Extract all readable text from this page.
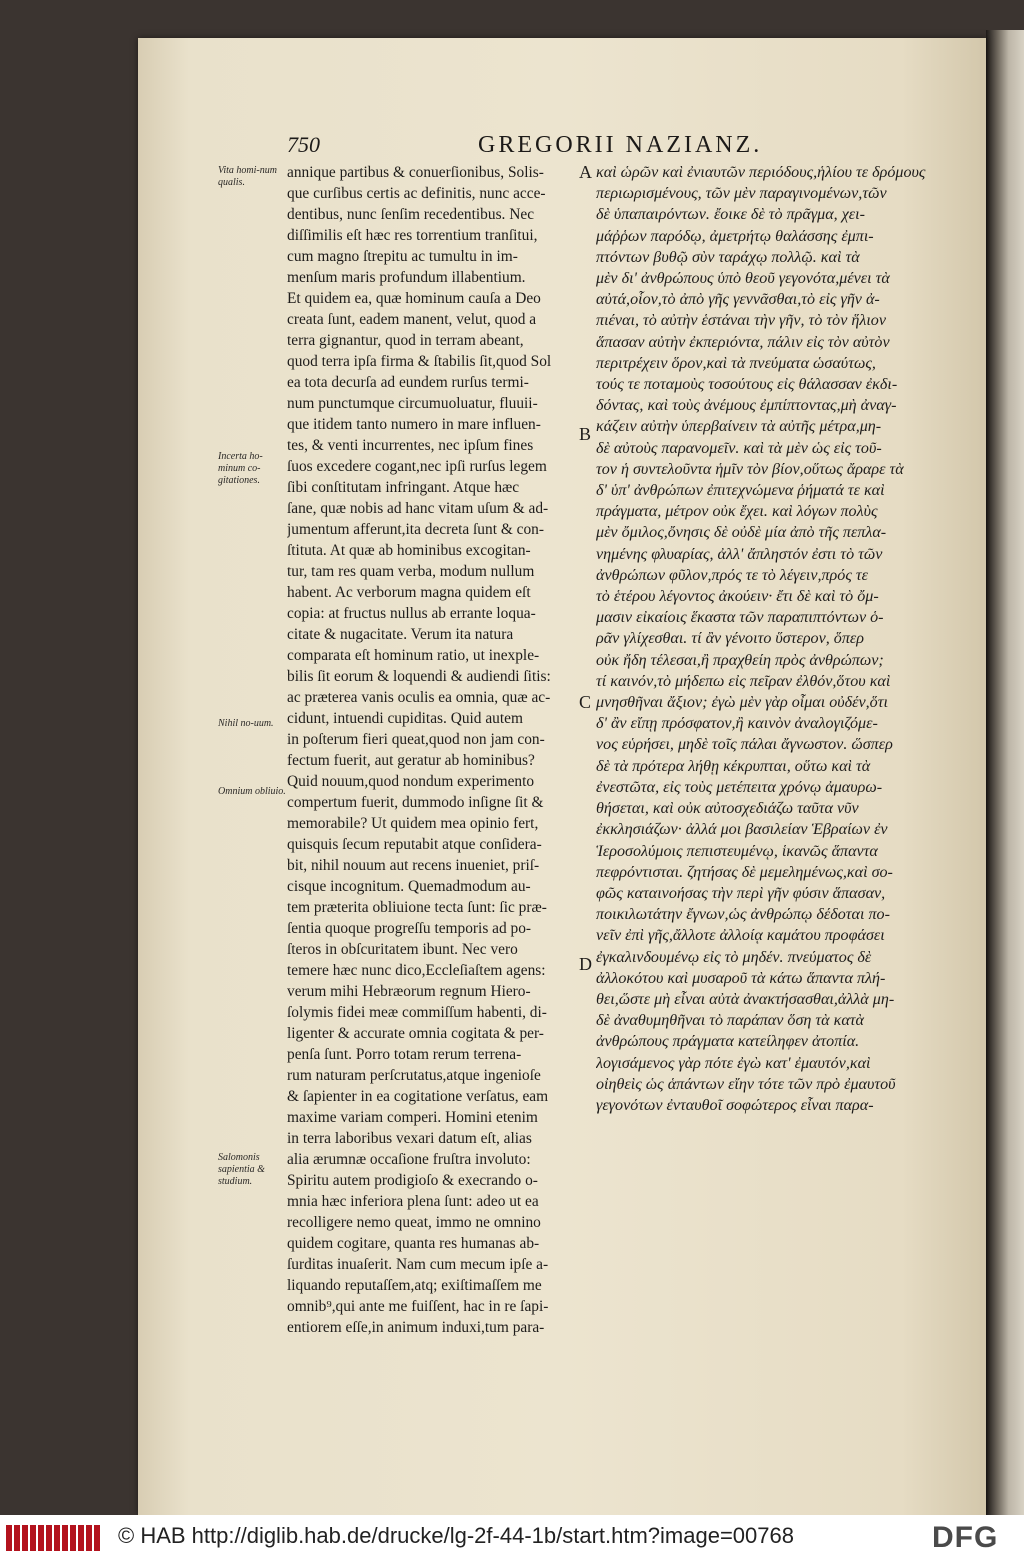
750	GREGORII NAZIANZ.
Vita homi-num qualis.
Incerta ho-minum co-gitationes.
Nihil no-uum.
Omnium obliuio.
Salomonis sapientia & studium.
A
B
C
D
annique partibus & conuerſionibus, Solis-
que curſibus certis ac definitis, nunc acce-
dentibus, nunc ſenſim recedentibus. Nec
diſſimilis eſt hæc res torrentium tranſitui,
cum magno ſtrepitu ac tumultu in im-
menſum maris profundum illabentium.
Et quidem ea, quæ hominum cauſa a Deo
creata ſunt, eadem manent, velut, quod a
terra gignantur, quod in terram abeant,
quod terra ipſa firma & ſtabilis ſit,quod Sol
ea tota decurſa ad eundem rurſus termi-
num punctumque circumuoluatur, fluuii-
que itidem tanto numero in mare influen-
tes, & venti incurrentes, nec ipſum fines
ſuos excedere cogant,nec ipſi rurſus legem
ſibi conſtitutam infringant. Atque hæc
ſane, quæ nobis ad hanc vitam uſum & ad-
jumentum afferunt,ita decreta ſunt & con-
ſtituta. At quæ ab hominibus excogitan-
tur, tam res quam verba, modum nullum
habent. Ac verborum magna quidem eſt
copia: at fructus nullus ab errante loqua-
citate & nugacitate. Verum ita natura
comparata eſt hominum ratio, ut inexple-
bilis ſit eorum & loquendi & audiendi ſitis:
ac præterea vanis oculis ea omnia, quæ ac-
cidunt, intuendi cupiditas. Quid autem
in poſterum fieri queat,quod non jam con-
fectum fuerit, aut geratur ab hominibus?
Quid nouum,quod nondum experimento
compertum fuerit, dummodo inſigne ſit &
memorabile? Ut quidem mea opinio fert,
quisquis ſecum reputabit atque conſidera-
bit, nihil nouum aut recens inueniet, priſ-
cisque incognitum. Quemadmodum au-
tem præterita obliuione tecta ſunt: ſic præ-
ſentia quoque progreſſu temporis ad po-
ſteros in obſcuritatem ibunt. Nec vero
temere hæc nunc dico,Eccleſiaſtem agens:
verum mihi Hebræorum regnum Hiero-
ſolymis fidei meæ commiſſum habenti, di-
ligenter & accurate omnia cogitata & per-
penſa ſunt. Porro totam rerum terrena-
rum naturam perſcrutatus,atque ingenioſe
& ſapienter in ea cogitatione verſatus, eam
maxime variam comperi. Homini etenim
in terra laboribus vexari datum eſt, alias
alia ærumnæ occaſione fruſtra involuto:
Spiritu autem prodigioſo & execrando o-
mnia hæc inferiora plena ſunt: adeo ut ea
recolligere nemo queat, immo ne omnino
quidem cogitare, quanta res humanas ab-
ſurditas inuaſerit. Nam cum mecum ipſe a-
liquando reputaſſem,atq; exiſtimaſſem me
omnib⁹,qui ante me fuiſſent, hac in re ſapi-
entiorem eſſe,in animum induxi,tum para-
καὶ ὡρῶν καὶ ἐνιαυτῶν περιόδους,ἡλίου τε δρόμους
περιωρισμένους, τῶν μὲν παραγινομένων,τῶν
δὲ ὑπαπαιρόντων. ἔοικε δὲ τὸ πρᾶγμα, χει-
μάῤῥων παρόδῳ, ἀμετρήτῳ θαλάσσης ἐμπι-
πτόντων βυθῷ σὺν ταράχῳ πολλῷ. καὶ τὰ
μὲν δι' ἀνθρώπους ὑπὸ θεοῦ γεγονότα,μένει τὰ
αὐτά,οἷον,τὸ ἀπὸ γῆς γεννᾶσθαι,τὸ εἰς γῆν ἀ-
πιέναι, τὸ αὐτὴν ἑστάναι τὴν γῆν, τὸ τὸν ἥλιον
ἅπασαν αὐτὴν ἐκπεριόντα, πάλιν εἰς τὸν αὐτὸν
περιτρέχειν ὅρον,καὶ τὰ πνεύματα ὡσαύτως,
τούς τε ποταμοὺς τοσούτους εἰς θάλασσαν ἐκδι-
δόντας, καὶ τοὺς ἀνέμους ἐμπίπτοντας,μὴ ἀναγ-
κάζειν αὐτὴν ὑπερβαίνειν τὰ αὐτῆς μέτρα,μη-
δὲ αὐτοὺς παρανομεῖν. καὶ τὰ μὲν ὡς εἰς τοῦ-
τον ἡ συντελοῦντα ἡμῖν τὸν βίον,οὕτως ἄραρε τὰ
δ' ὑπ' ἀνθρώπων ἐπιτεχνώμενα ῥήματά τε καὶ
πράγματα, μέτρον οὐκ ἔχει. καὶ λόγων πολὺς
μὲν ὄμιλος,ὄνησις δὲ οὐδὲ μία ἀπὸ τῆς πεπλα-
νημένης φλυαρίας, ἀλλ' ἄπληστόν ἐστι τὸ τῶν
ἀνθρώπων φῦλον,πρός τε τὸ λέγειν,πρός τε
τὸ ἑτέρου λέγοντος ἀκούειν· ἔτι δὲ καὶ τὸ ὄμ-
μασιν εἰκαίοις ἕκαστα τῶν παραπιπτόντων ὁ-
ρᾶν γλίχεσθαι. τί ἂν γένοιτο ὕστερον, ὅπερ
οὐκ ἤδη τέλεσαι,ἢ πραχθείη πρὸς ἀνθρώπων;
τί καινόν,τὸ μήδεπω εἰς πεῖραν ἐλθόν,ὅτου καὶ
μνησθῆναι ἄξιον; ἐγὼ μὲν γὰρ οἶμαι οὐδέν,ὅτι
δ' ἂν εἴπῃ πρόσφατον,ἢ καινὸν ἀναλογιζόμε-
νος εὑρήσει, μηδὲ τοῖς πάλαι ἄγνωστον. ὥσπερ
δὲ τὰ πρότερα λήθῃ κέκρυπται, οὕτω καὶ τὰ
ἐνεστῶτα, εἰς τοὺς μετέπειτα χρόνῳ ἀμαυρω-
θήσεται, καὶ οὐκ αὐτοσχεδιάζω ταῦτα νῦν
ἐκκλησιάζων· ἀλλά μοι βασιλείαν Ἑβραίων ἐν
Ἱεροσολύμοις πεπιστευμένῳ, ἱκανῶς ἅπαντα
πεφρόντισται. ζητήσας δὲ μεμελημένως,καὶ σο-
φῶς καταινοήσας τὴν περὶ γῆν φύσιν ἅπασαν,
ποικιλωτάτην ἔγνων,ὡς ἀνθρώπῳ δέδοται πο-
νεῖν ἐπὶ γῆς,ἄλλοτε ἀλλοίᾳ καμάτου προφάσει
ἐγκαλινδουμένῳ εἰς τὸ μηδέν. πνεύματος δὲ
ἀλλοκότου καὶ μυσαροῦ τὰ κάτω ἅπαντα πλή-
θει,ὥστε μὴ εἶναι αὐτὰ ἀνακτήσασθαι,ἀλλὰ μη-
δὲ ἀναθυμηθῆναι τὸ παράπαν ὅση τὰ κατὰ
ἀνθρώπους πράγματα κατείληφεν ἀτοπία.
λογισάμενος γὰρ πότε ἐγὼ κατ' ἐμαυτόν,καὶ
οἰηθεὶς ὡς ἁπάντων εἴην τότε τῶν πρὸ ἐμαυτοῦ
γεγονότων ἐνταυθοῖ σοφώτερος εἶναι παρα-
© HAB http://diglib.hab.de/drucke/lg-2f-44-1b/start.htm?image=00768	DFG
